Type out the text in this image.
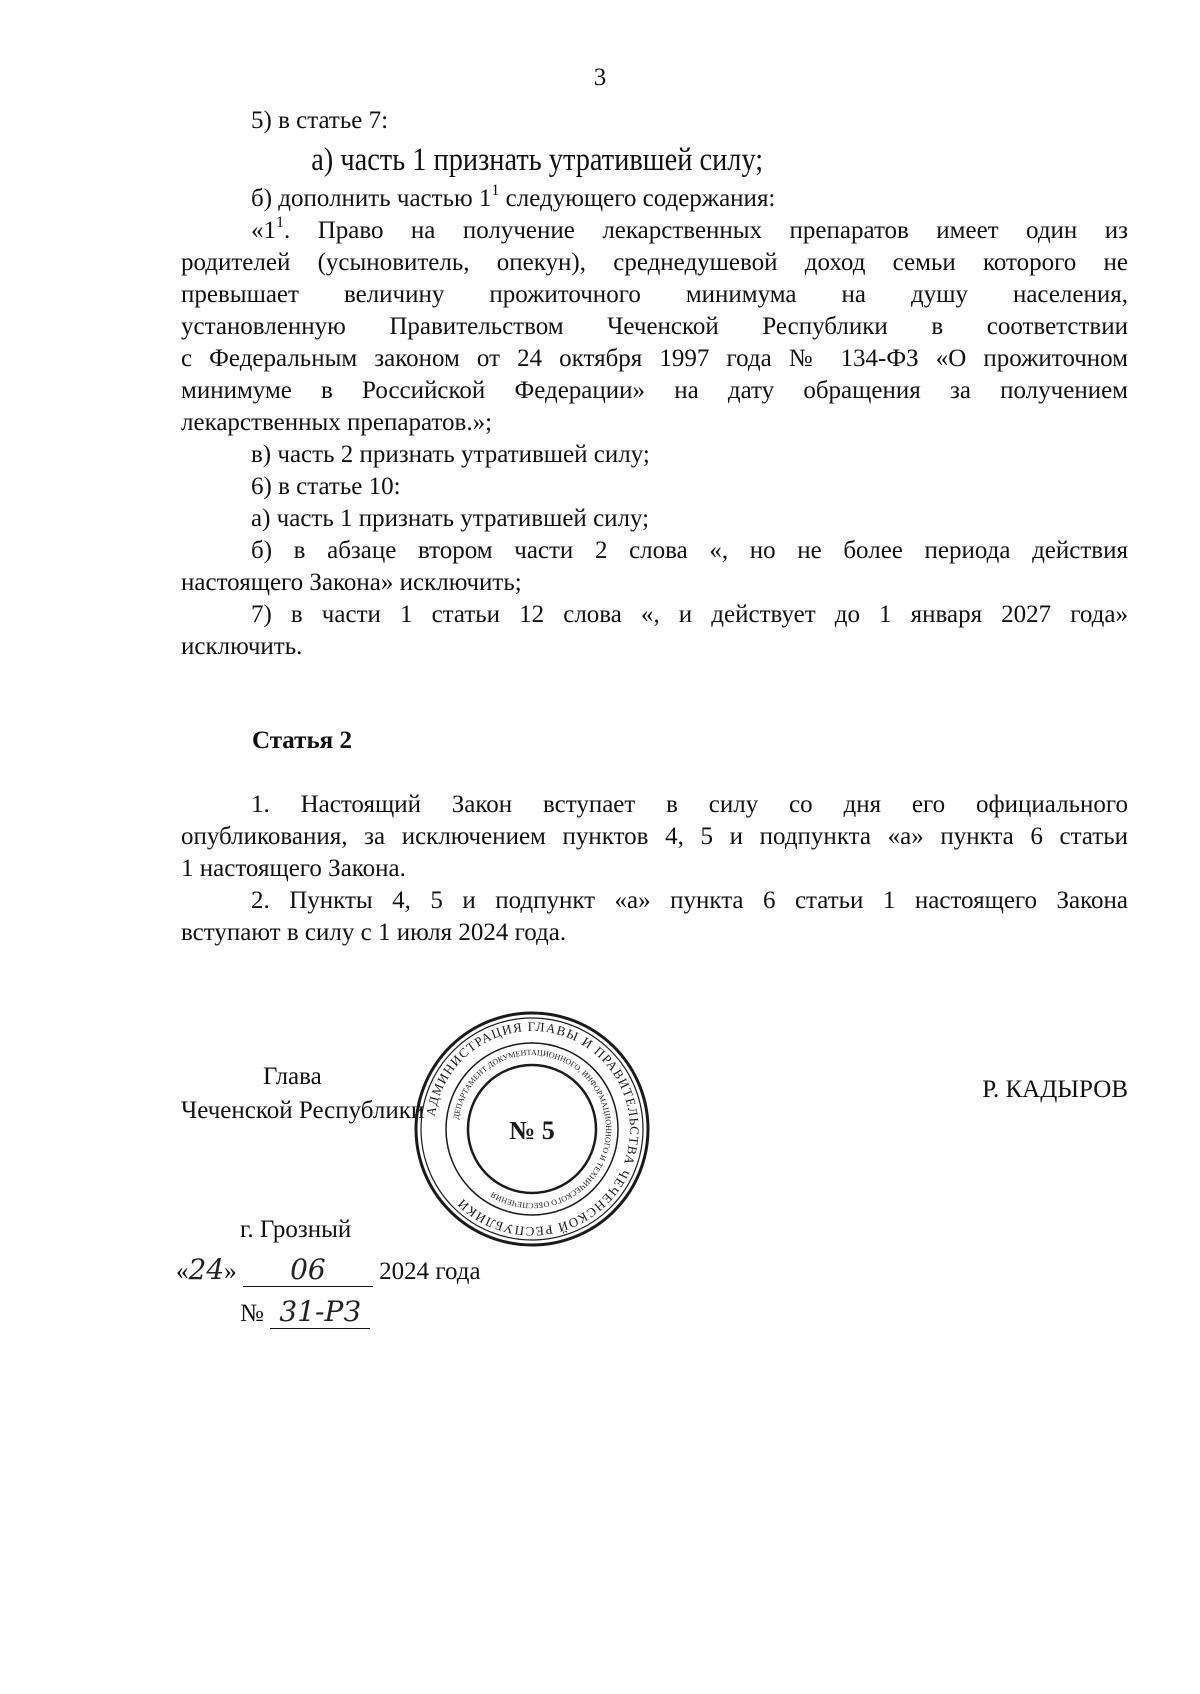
3

5) в статье 7:

а) часть 1 признать утратившей силу;

б) дополнить частью $1^1$ следующего содержания:

«$1^1$. Право на получение лекарственных препаратов имеет один из

родителей (усыновитель, опекун), среднедушевой доход семьи которого не

превышает величину прожиточного минимума на душу населения,

установленную Правительством Чеченской Республики в соответствии

с Федеральным законом от 24 октября 1997 года № 134-ФЗ «О прожиточном

минимуме в Российской Федерации» на дату обращения за получением

лекарственных препаратов.»;

в) часть 2 признать утратившей силу;

6) в статье 10:

а) часть 1 признать утратившей силу;

б) в абзаце втором части 2 слова «, но не более периода действия

настоящего Закона» исключить;

7) в части 1 статьи 12 слова «, и действует до 1 января 2027 года»

исключить.

Статья 2

1. Настоящий Закон вступает в силу со дня его официального

опубликования, за исключением пунктов 4, 5 и подпункта «а» пункта 6 статьи

1 настоящего Закона.

2. Пункты 4, 5 и подпункт «а» пункта 6 статьи 1 настоящего Закона

вступают в силу с 1 июля 2024 года.

Глава
Чеченской Республики
Р. КАДЫРОВ
АДМИНИСТРАЦИЯ ГЛАВЫ И ПРАВИТЕЛЬСТВА ЧЕЧЕНСКОЙ РЕСПУБЛИКИ
ДЕПАРТАМЕНТ ДОКУМЕНТАЦИОННОГО, ИНФОРМАЦИОННОГО И ТЕХНИЧЕСКОГО ОБЕСПЕЧЕНИЯ
№ 5
г. Грозный
«24» 06 2024 года
№ 31-РЗ
